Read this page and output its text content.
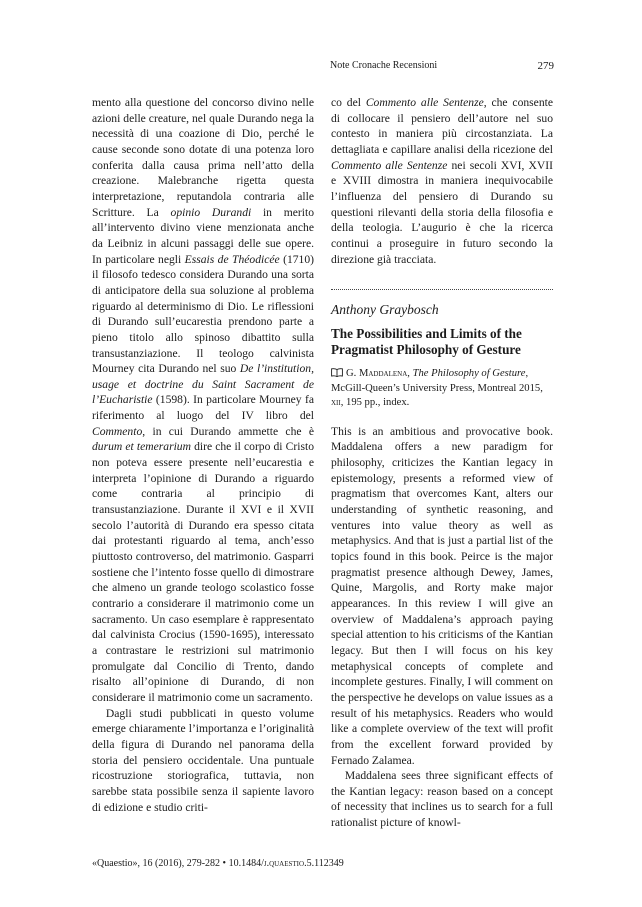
Note Cronache Recensioni	279

mento alla questione del concorso divino nelle azioni delle creature, nel quale Durando nega la necessità di una coazione di Dio, perché le cause seconde sono dotate di una potenza loro conferita dalla causa prima nell’atto della creazione. Malebranche rigetta questa interpretazione, reputandola contraria alle Scritture. La opinio Durandi in merito all’intervento divino viene menzionata anche da Leibniz in alcuni passaggi delle sue opere. In particolare negli Essais de Théodicée (1710) il filosofo tedesco considera Durando una sorta di anticipatore della sua soluzione al problema riguardo al determinismo di Dio. Le riflessioni di Durando sull’eucarestia prendono parte a pieno titolo allo spinoso dibattito sulla transustanziazione. Il teologo calvinista Mourney cita Durando nel suo De l’institution, usage et doctrine du Saint Sacrament de l’Eucharistie (1598). In particolare Mourney fa riferimento al luogo del IV libro del Commento, in cui Durando ammette che è durum et temerarium dire che il corpo di Cristo non poteva essere presente nell’eucarestia e interpreta l’opinione di Durando a riguardo come contraria al principio di transustanziazione. Durante il XVI e il XVII secolo l’autorità di Durando era spesso citata dai protestanti riguardo al tema, anch’esso piuttosto controverso, del matrimonio. Gasparri sostiene che l’intento fosse quello di dimostrare che almeno un grande teologo scolastico fosse contrario a considerare il matrimonio come un sacramento. Un caso esemplare è rappresentato dal calvinista Crocius (1590-1695), interessato a contrastare le restrizioni sul matrimonio promulgate dal Concilio di Trento, dando risalto all’opinione di Durando, di non considerare il matrimonio come un sacramento.

Dagli studi pubblicati in questo volume emerge chiaramente l’importanza e l’originalità della figura di Durando nel panorama della storia del pensiero occidentale. Una puntuale ricostruzione storiografica, tuttavia, non sarebbe stata possibile senza il sapiente lavoro di edizione e studio criti-

co del Commento alle Sentenze, che consente di collocare il pensiero dell’autore nel suo contesto in maniera più circostanziata. La dettagliata e capillare analisi della ricezione del Commento alle Sentenze nei secoli XVI, XVII e XVIII dimostra in maniera inequivocabile l’influenza del pensiero di Durando su questioni rilevanti della storia della filosofia e della teologia. L’augurio è che la ricerca continui a proseguire in futuro secondo la direzione già tracciata.

Anthony Graybosch
The Possibilities and Limits of the Pragmatist Philosophy of Gesture
G. Maddalena, The Philosophy of Gesture, McGill-Queen’s University Press, Montreal 2015, xii, 195 pp., index.

This is an ambitious and provocative book. Maddalena offers a new paradigm for philosophy, criticizes the Kantian legacy in epistemology, presents a reformed view of pragmatism that overcomes Kant, alters our understanding of synthetic reasoning, and ventures into value theory as well as metaphysics. And that is just a partial list of the topics found in this book. Peirce is the major pragmatist presence although Dewey, James, Quine, Margolis, and Rorty make major appearances. In this review I will give an overview of Maddalena’s approach paying special attention to his criticisms of the Kantian legacy. But then I will focus on his key metaphysical concepts of complete and incomplete gestures. Finally, I will comment on the perspective he develops on value issues as a result of his metaphysics. Readers who would like a complete overview of the text will profit from the excellent forward provided by Fernado Zalamea.

Maddalena sees three significant effects of the Kantian legacy: reason based on a concept of necessity that inclines us to search for a full rationalist picture of knowl-

«Quaestio», 16 (2016), 279-282 • 10.1484/j.quaestio.5.112349
